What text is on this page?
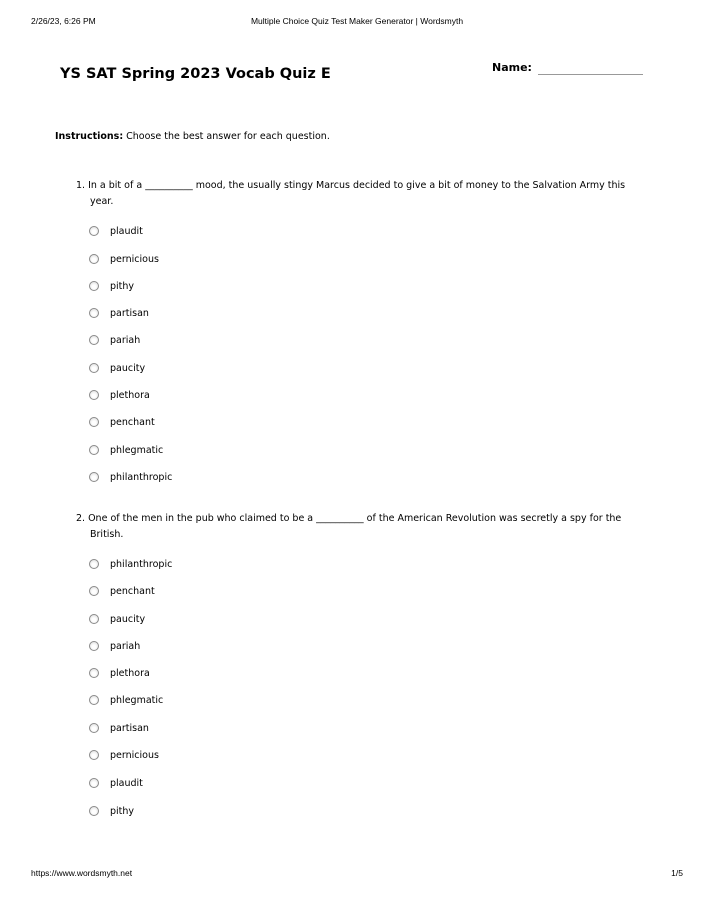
2/26/23, 6:26 PM	Multiple Choice Quiz Test Maker Generator | Wordsmyth
YS SAT Spring 2023 Vocab Quiz E	Name:
Instructions: Choose the best answer for each question.
1. In a bit of a __________ mood, the usually stingy Marcus decided to give a bit of money to the Salvation Army this year.
plaudit
pernicious
pithy
partisan
pariah
paucity
plethora
penchant
phlegmatic
philanthropic
2. One of the men in the pub who claimed to be a __________ of the American Revolution was secretly a spy for the British.
philanthropic
penchant
paucity
pariah
plethora
phlegmatic
partisan
pernicious
plaudit
pithy
https://www.wordsmyth.net	1/5
